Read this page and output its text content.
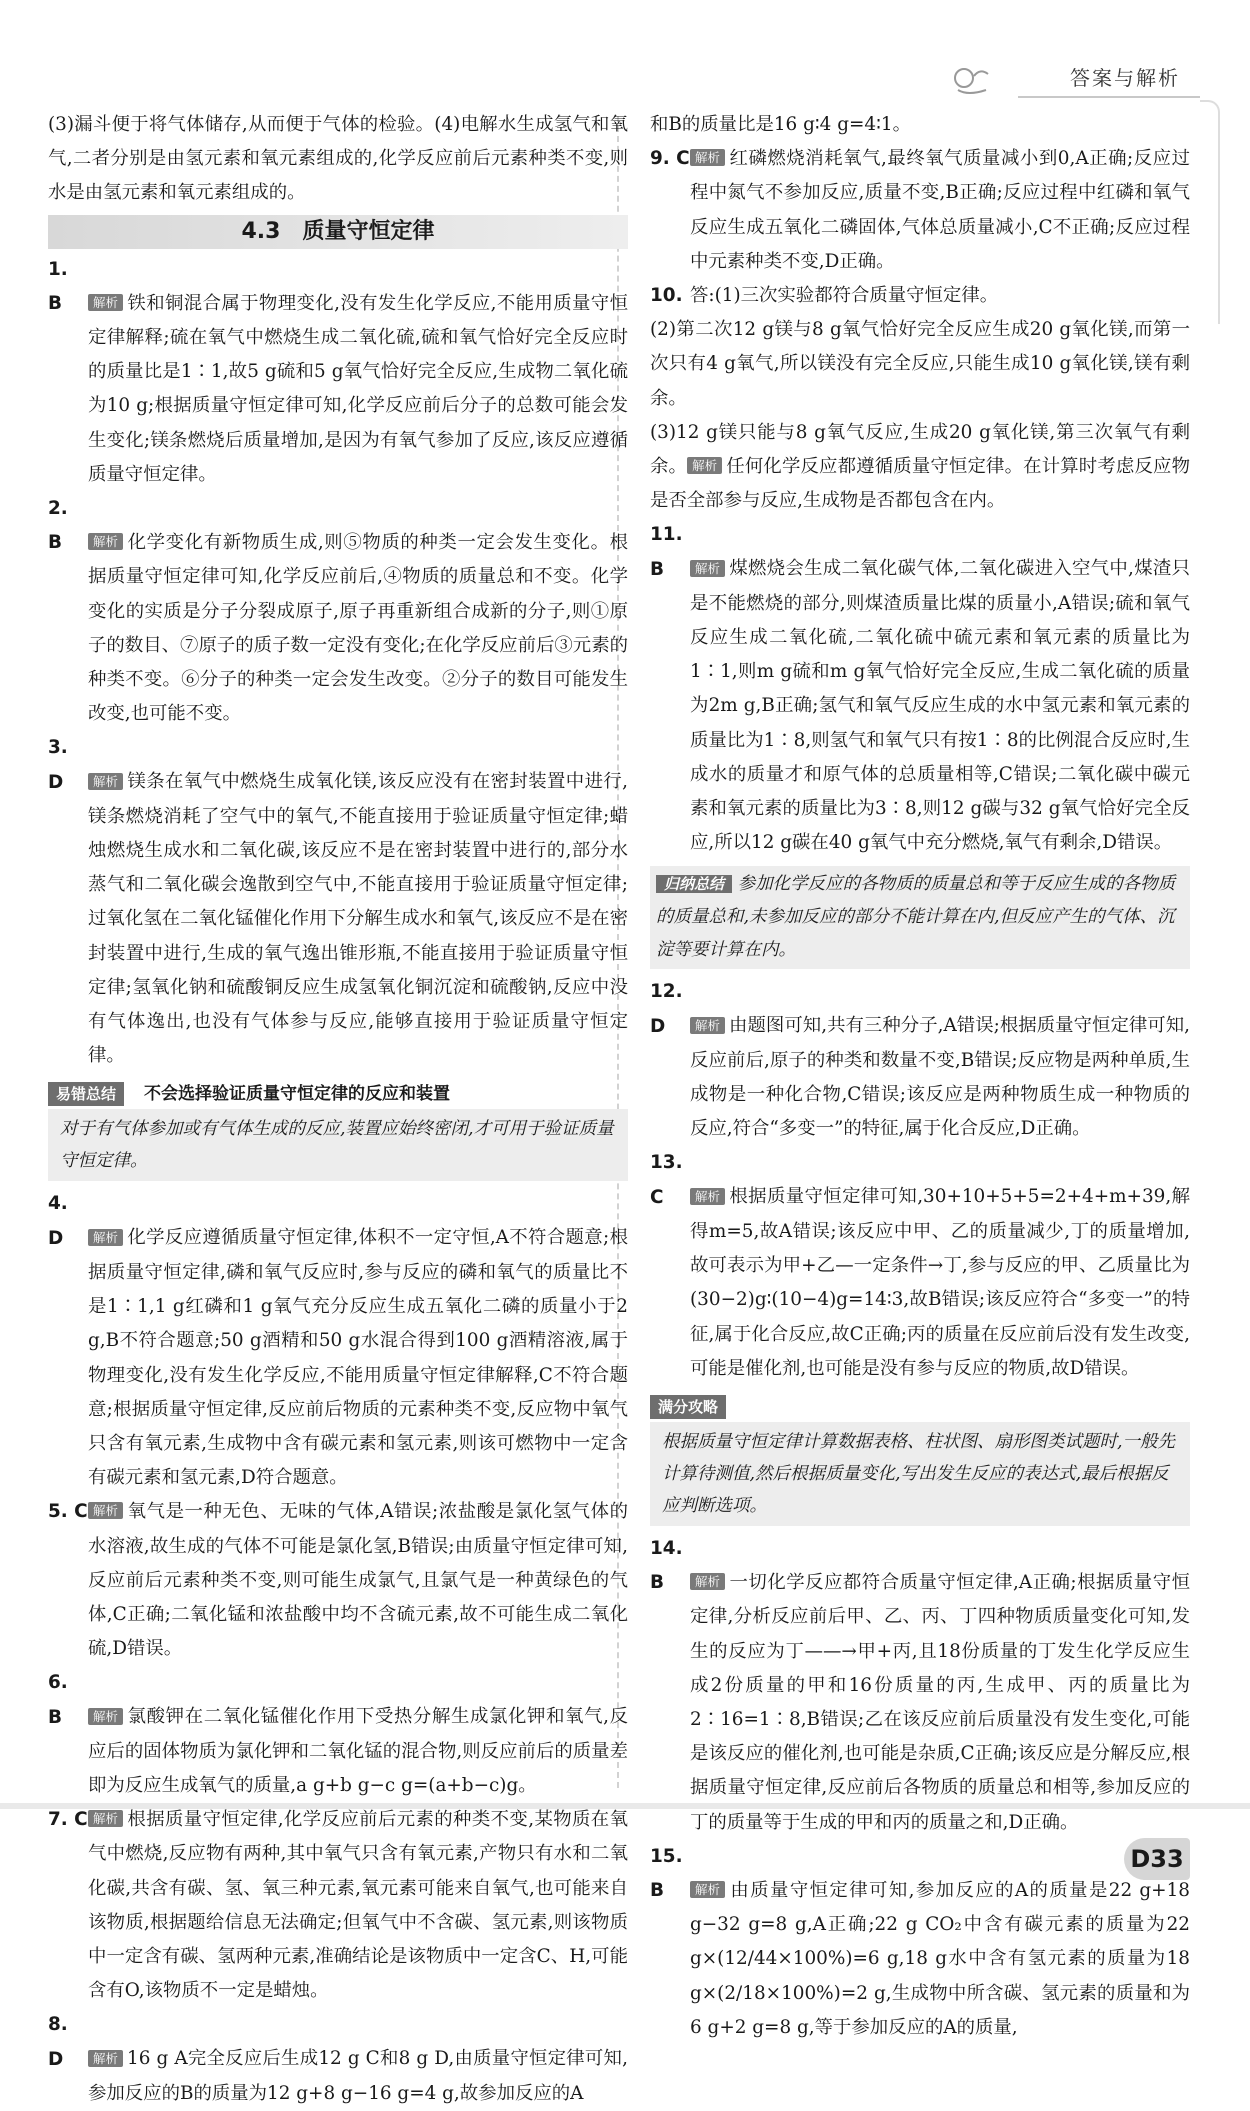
答案与解析

(3)漏斗便于将气体储存,从而便于气体的检验。(4)电解水生成氢气和氧气,二者分别是由氢元素和氧元素组成的,化学反应前后元素种类不变,则水是由氢元素和氧元素组成的。

4.3　质量守恒定律

1. B 解析 铁和铜混合属于物理变化,没有发生化学反应,不能用质量守恒定律解释;硫在氧气中燃烧生成二氧化硫,硫和氧气恰好完全反应时的质量比是1∶1,故5 g硫和5 g氧气恰好完全反应,生成物二氧化硫为10 g;根据质量守恒定律可知,化学反应前后分子的总数可能会发生变化;镁条燃烧后质量增加,是因为有氧气参加了反应,该反应遵循质量守恒定律。

2. B 解析 化学变化有新物质生成,则⑤物质的种类一定会发生变化。根据质量守恒定律可知,化学反应前后,④物质的质量总和不变。化学变化的实质是分子分裂成原子,原子再重新组合成新的分子,则①原子的数目、⑦原子的质子数一定没有变化;在化学反应前后③元素的种类不变。⑥分子的种类一定会发生改变。②分子的数目可能发生改变,也可能不变。

3. D 解析 镁条在氧气中燃烧生成氧化镁,该反应没有在密封装置中进行,镁条燃烧消耗了空气中的氧气,不能直接用于验证质量守恒定律;蜡烛燃烧生成水和二氧化碳,该反应不是在密封装置中进行的,部分水蒸气和二氧化碳会逸散到空气中,不能直接用于验证质量守恒定律;过氧化氢在二氧化锰催化作用下分解生成水和氧气,该反应不是在密封装置中进行,生成的氧气逸出锥形瓶,不能直接用于验证质量守恒定律;氢氧化钠和硫酸铜反应生成氢氧化铜沉淀和硫酸钠,反应中没有气体逸出,也没有气体参与反应,能够直接用于验证质量守恒定律。

易错总结	不会选择验证质量守恒定律的反应和装置
对于有气体参加或有气体生成的反应,装置应始终密闭,才可用于验证质量守恒定律。

4. D 解析 化学反应遵循质量守恒定律,体积不一定守恒,A不符合题意;根据质量守恒定律,磷和氧气反应时,参与反应的磷和氧气的质量比不是1∶1,1 g红磷和1 g氧气充分反应生成五氧化二磷的质量小于2 g,B不符合题意;50 g酒精和50 g水混合得到100 g酒精溶液,属于物理变化,没有发生化学反应,不能用质量守恒定律解释,C不符合题意;根据质量守恒定律,反应前后物质的元素种类不变,反应物中氧气只含有氧元素,生成物中含有碳元素和氢元素,则该可燃物中一定含有碳元素和氢元素,D符合题意。

5. C 解析 氧气是一种无色、无味的气体,A错误;浓盐酸是氯化氢气体的水溶液,故生成的气体不可能是氯化氢,B错误;由质量守恒定律可知,反应前后元素种类不变,则可能生成氯气,且氯气是一种黄绿色的气体,C正确;二氧化锰和浓盐酸中均不含硫元素,故不可能生成二氧化硫,D错误。

6. B 解析 氯酸钾在二氧化锰催化作用下受热分解生成氯化钾和氧气,反应后的固体物质为氯化钾和二氧化锰的混合物,则反应前后的质量差即为反应生成氧气的质量,a g+b g−c g=(a+b−c)g。

7. C 解析 根据质量守恒定律,化学反应前后元素的种类不变,某物质在氧气中燃烧,反应物有两种,其中氧气只含有氧元素,产物只有水和二氧化碳,共含有碳、氢、氧三种元素,氧元素可能来自氧气,也可能来自该物质,根据题给信息无法确定;但氧气中不含碳、氢元素,则该物质中一定含有碳、氢两种元素,准确结论是该物质中一定含C、H,可能含有O,该物质不一定是蜡烛。

8. D 解析 16 g A完全反应后生成12 g C和8 g D,由质量守恒定律可知,参加反应的B的质量为12 g+8 g−16 g=4 g,故参加反应的A

和B的质量比是16 g∶4 g=4∶1。

9. C 解析 红磷燃烧消耗氧气,最终氧气质量减小到0,A正确;反应过程中氮气不参加反应,质量不变,B正确;反应过程中红磷和氧气反应生成五氧化二磷固体,气体总质量减小,C不正确;反应过程中元素种类不变,D正确。

10. 答:(1)三次实验都符合质量守恒定律。

(2)第二次12 g镁与8 g氧气恰好完全反应生成20 g氧化镁,而第一次只有4 g氧气,所以镁没有完全反应,只能生成10 g氧化镁,镁有剩余。

(3)12 g镁只能与8 g氧气反应,生成20 g氧化镁,第三次氧气有剩余。 解析 任何化学反应都遵循质量守恒定律。在计算时考虑反应物是否全部参与反应,生成物是否都包含在内。

11. B 解析 煤燃烧会生成二氧化碳气体,二氧化碳进入空气中,煤渣只是不能燃烧的部分,则煤渣质量比煤的质量小,A错误;硫和氧气反应生成二氧化硫,二氧化硫中硫元素和氧元素的质量比为1∶1,则m g硫和m g氧气恰好完全反应,生成二氧化硫的质量为2m g,B正确;氢气和氧气反应生成的水中氢元素和氧元素的质量比为1∶8,则氢气和氧气只有按1∶8的比例混合反应时,生成水的质量才和原气体的总质量相等,C错误;二氧化碳中碳元素和氧元素的质量比为3∶8,则12 g碳与32 g氧气恰好完全反应,所以12 g碳在40 g氧气中充分燃烧,氧气有剩余,D错误。

归纳总结 参加化学反应的各物质的质量总和等于反应生成的各物质的质量总和,未参加反应的部分不能计算在内,但反应产生的气体、沉淀等要计算在内。

12. D 解析 由题图可知,共有三种分子,A错误;根据质量守恒定律可知,反应前后,原子的种类和数量不变,B错误;反应物是两种单质,生成物是一种化合物,C错误;该反应是两种物质生成一种物质的反应,符合“多变一”的特征,属于化合反应,D正确。

13. C	解析 根据质量守恒定律可知,30+10+5+5=2+4+m+39,解得m=5,故A错误;该反应中甲、乙的质量减少,丁的质量增加,故可表示为甲+乙—一定条件→丁,参与反应的甲、乙质量比为(30−2)g∶(10−4)g=14∶3,故B错误;该反应符合“多变一”的特征,属于化合反应,故C正确;丙的质量在反应前后没有发生改变,可能是催化剂,也可能是没有参与反应的物质,故D错误。

满分攻略
根据质量守恒定律计算数据表格、柱状图、扇形图类试题时,一般先计算待测值,然后根据质量变化,写出发生反应的表达式,最后根据反应判断选项。

14. B 解析 一切化学反应都符合质量守恒定律,A正确;根据质量守恒定律,分析反应前后甲、乙、丙、丁四种物质质量变化可知,发生的反应为丁——→甲+丙,且18份质量的丁发生化学反应生成2份质量的甲和16份质量的丙,生成甲、丙的质量比为2∶16=1∶8,B错误;乙在该反应前后质量没有发生变化,可能是该反应的催化剂,也可能是杂质,C正确;该反应是分解反应,根据质量守恒定律,反应前后各物质的质量总和相等,参加反应的丁的质量等于生成的甲和丙的质量之和,D正确。

15. B 解析 由质量守恒定律可知,参加反应的A的质量是22 g+18 g−32 g=8 g,A正确;22 g CO₂中含有碳元素的质量为22 g×(12/44×100%)=6 g,18 g水中含有氢元素的质量为18 g×(2/18×100%)=2 g,生成物中所含碳、氢元素的质量和为6 g+2 g=8 g,等于参加反应的A的质量,

D33
